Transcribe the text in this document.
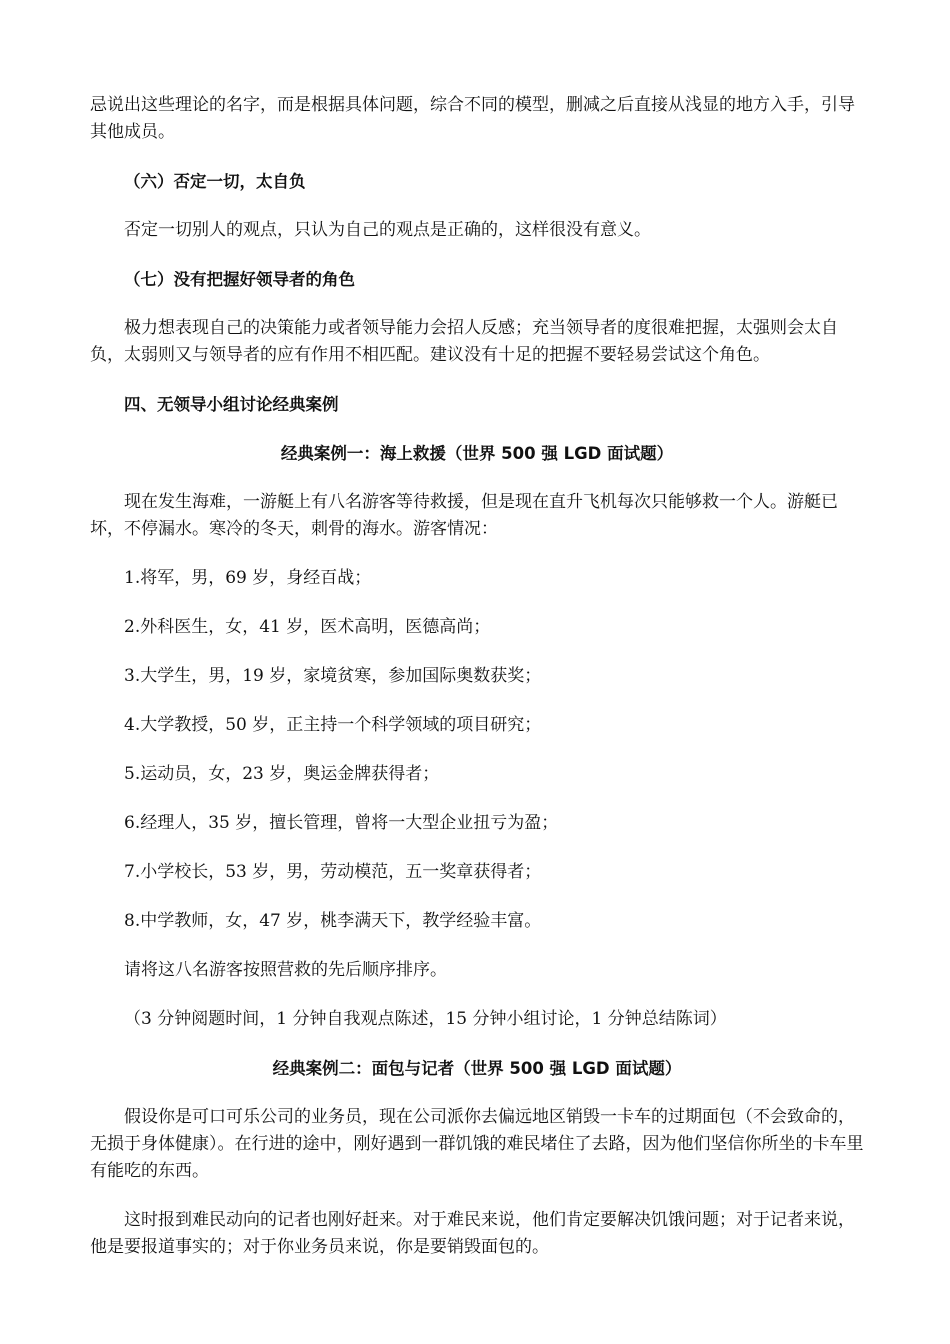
忌说出这些理论的名字，而是根据具体问题，综合不同的模型，删减之后直接从浅显的地方入手，引导其他成员。

（六）否定一切，太自负

否定一切别人的观点，只认为自己的观点是正确的，这样很没有意义。

（七）没有把握好领导者的角色

极力想表现自己的决策能力或者领导能力会招人反感；充当领导者的度很难把握，太强则会太自负，太弱则又与领导者的应有作用不相匹配。建议没有十足的把握不要轻易尝试这个角色。

四、无领导小组讨论经典案例

经典案例一：海上救援（世界 500 强 LGD 面试题）

现在发生海难，一游艇上有八名游客等待救援，但是现在直升飞机每次只能够救一个人。游艇已坏，不停漏水。寒冷的冬天，刺骨的海水。游客情况：

1.将军，男，69 岁，身经百战；
2.外科医生，女，41 岁，医术高明，医德高尚；
3.大学生，男，19 岁，家境贫寒，参加国际奥数获奖；
4.大学教授，50 岁，正主持一个科学领域的项目研究；
5.运动员，女，23 岁，奥运金牌获得者；
6.经理人，35 岁，擅长管理，曾将一大型企业扭亏为盈；
7.小学校长，53 岁，男，劳动模范，五一奖章获得者；
8.中学教师，女，47 岁，桃李满天下，教学经验丰富。

请将这八名游客按照营救的先后顺序排序。

（3 分钟阅题时间，1 分钟自我观点陈述，15 分钟小组讨论，1 分钟总结陈词）

经典案例二：面包与记者（世界 500 强 LGD 面试题）

假设你是可口可乐公司的业务员，现在公司派你去偏远地区销毁一卡车的过期面包（不会致命的，无损于身体健康）。在行进的途中，刚好遇到一群饥饿的难民堵住了去路，因为他们坚信你所坐的卡车里有能吃的东西。

这时报到难民动向的记者也刚好赶来。对于难民来说，他们肯定要解决饥饿问题；对于记者来说，他是要报道事实的；对于你业务员来说，你是要销毁面包的。
